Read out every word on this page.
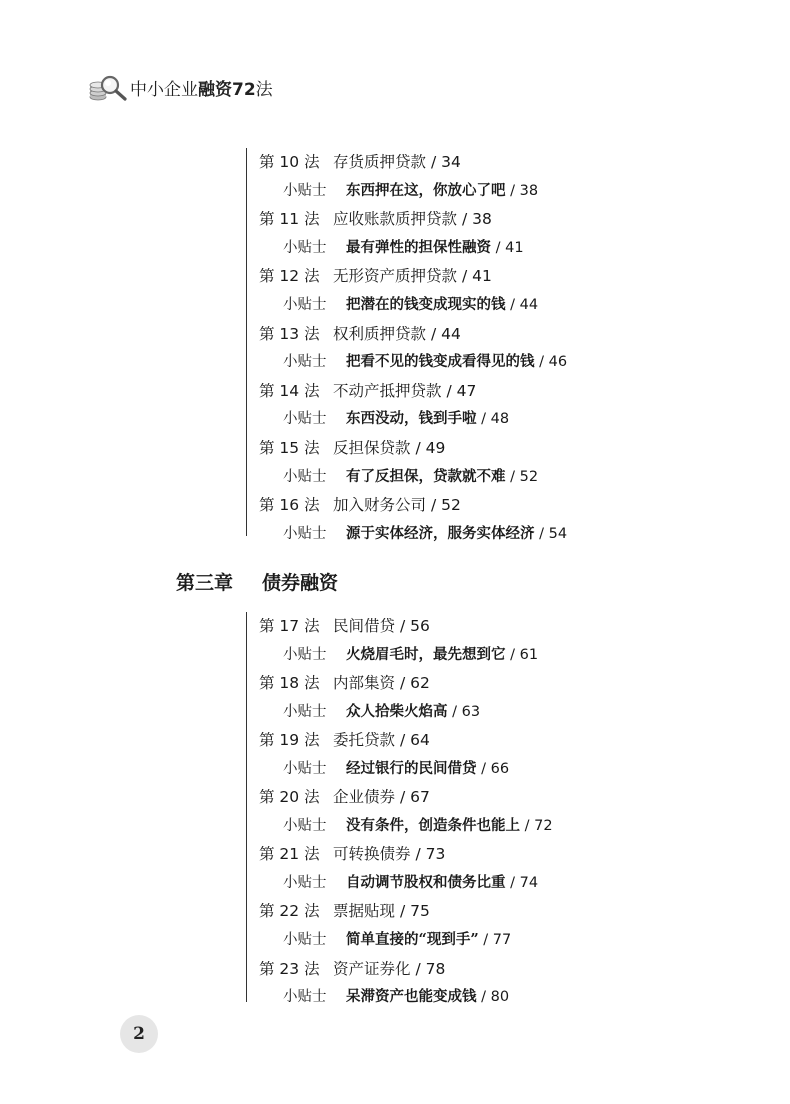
中小企业融资72法
第 10 法 存货质押贷款 / 34
小贴士 东西押在这，你放心了吧 / 38
第 11 法 应收账款质押贷款 / 38
小贴士 最有弹性的担保性融资 / 41
第 12 法 无形资产质押贷款 / 41
小贴士 把潜在的钱变成现实的钱 / 44
第 13 法 权利质押贷款 / 44
小贴士 把看不见的钱变成看得见的钱 / 46
第 14 法 不动产抵押贷款 / 47
小贴士 东西没动，钱到手啦 / 48
第 15 法 反担保贷款 / 49
小贴士 有了反担保，贷款就不难 / 52
第 16 法 加入财务公司 / 52
小贴士 源于实体经济，服务实体经济 / 54
第三章 债券融资
第 17 法 民间借贷 / 56
小贴士 火烧眉毛时，最先想到它 / 61
第 18 法 内部集资 / 62
小贴士 众人拾柴火焰高 / 63
第 19 法 委托贷款 / 64
小贴士 经过银行的民间借贷 / 66
第 20 法 企业债券 / 67
小贴士 没有条件，创造条件也能上 / 72
第 21 法 可转换债券 / 73
小贴士 自动调节股权和债务比重 / 74
第 22 法 票据贴现 / 75
小贴士 简单直接的“现到手” / 77
第 23 法 资产证券化 / 78
小贴士 呆滞资产也能变成钱 / 80
2
